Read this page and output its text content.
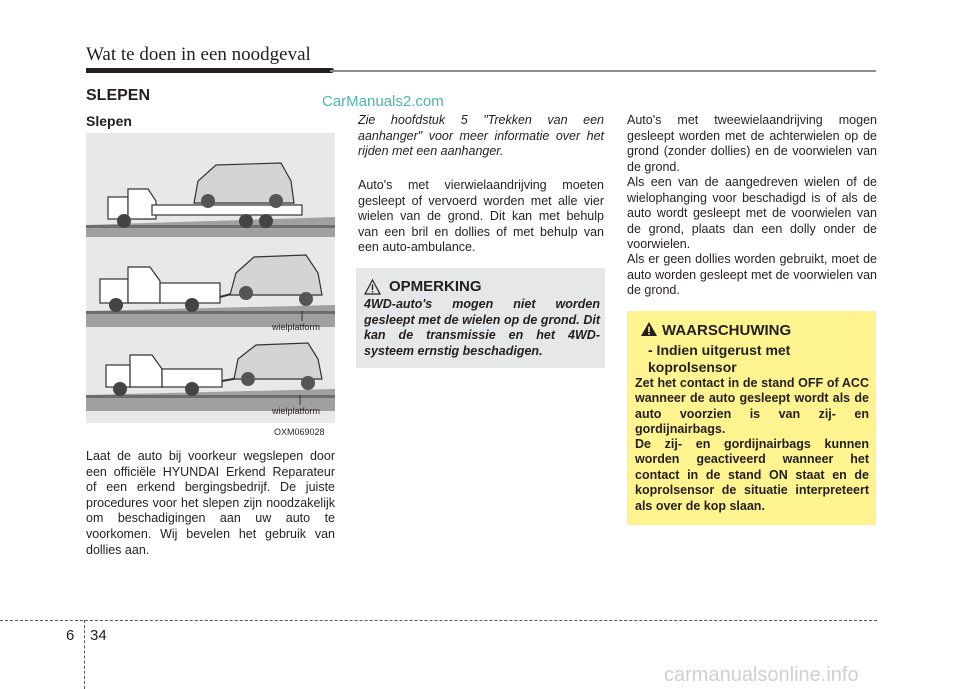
Wat te doen in een noodgeval
SLEPEN	CarManuals2.com
Slepen
wielplatform
wielplatform
OXM069028

Laat de auto bij voorkeur wegslepen door een officiële HYUNDAI Erkend Reparateur of een erkend bergingsbedrijf. De juiste procedures voor het slepen zijn noodzakelijk om beschadigingen aan uw auto te voorkomen. Wij bevelen het gebruik van dollies aan.

Zie hoofdstuk 5 "Trekken van een aanhanger" voor meer informatie over het rijden met een aanhanger.

Auto's met vierwielaandrijving moeten gesleept of vervoerd worden met alle vier wielen van de grond. Dit kan met behulp van een bril en dollies of met behulp van een auto-ambulance.

OPMERKING

4WD-auto's mogen niet worden gesleept met de wielen op de grond. Dit kan de transmissie en het 4WD-systeem ernstig beschadigen.

Auto's met tweewielaandrijving mogen gesleept worden met de achterwielen op de grond (zonder dollies) en de voorwielen van de grond.

Als een van de aangedreven wielen of de wielophanging voor beschadigd is of als de auto wordt gesleept met de voorwielen van de grond, plaats dan een dolly onder de voorwielen.

Als er geen dollies worden gebruikt, moet de auto worden gesleept met de voorwielen van de grond.

WAARSCHUWING

- Indien uitgerust met koprolsensor

Zet het contact in de stand OFF of ACC wanneer de auto gesleept wordt als de auto voorzien is van zij- en gordijnairbags.

De zij- en gordijnairbags kunnen worden geactiveerd wanneer het contact in de stand ON staat en de koprolsensor de situatie interpreteert als over de kop slaan.

6 34
carmanualsonline.info
